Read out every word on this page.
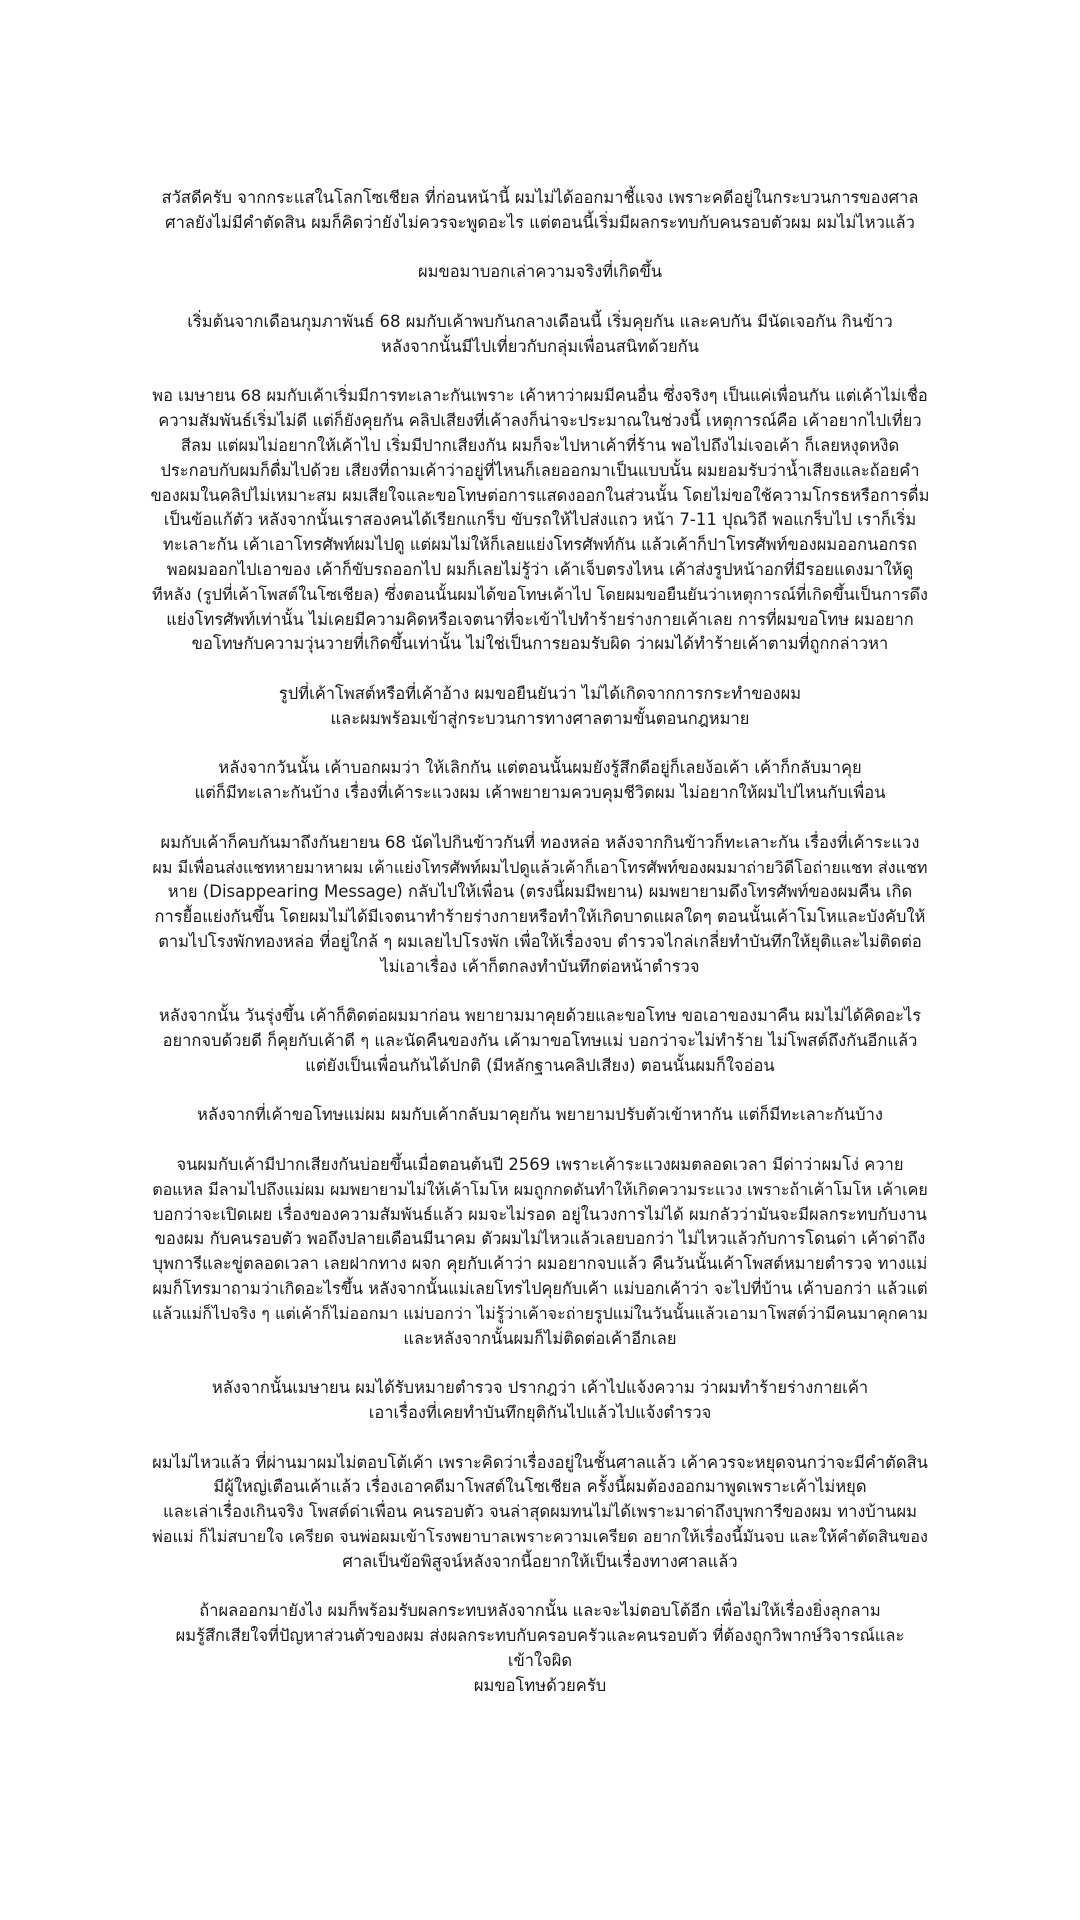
สวัสดีครับ จากกระแสในโลกโซเชียล ที่ก่อนหน้านี้ ผมไม่ได้ออกมาชี้แจง เพราะคดีอยู่ในกระบวนการของศาล
ศาลยังไม่มีคำตัดสิน ผมก็คิดว่ายังไม่ควรจะพูดอะไร แต่ตอนนี้เริ่มมีผลกระทบกับคนรอบตัวผม ผมไม่ไหวแล้ว
ผมขอมาบอกเล่าความจริงที่เกิดขึ้น
เริ่มต้นจากเดือนกุมภาพันธ์ 68 ผมกับเค้าพบกันกลางเดือนนี้ เริ่มคุยกัน และคบกัน มีนัดเจอกัน กินข้าว
หลังจากนั้นมีไปเที่ยวกับกลุ่มเพื่อนสนิทด้วยกัน
พอ เมษายน 68 ผมกับเค้าเริ่มมีการทะเลาะกันเพราะ เค้าหาว่าผมมีคนอื่น ซึ่งจริงๆ เป็นแค่เพื่อนกัน แต่เค้าไม่เชื่อ
ความสัมพันธ์เริ่มไม่ดี แต่ก็ยังคุยกัน คลิปเสียงที่เค้าลงก็น่าจะประมาณในช่วงนี้ เหตุการณ์คือ เค้าอยากไปเที่ยว
สีลม แต่ผมไม่อยากให้เค้าไป เริ่มมีปากเสียงกัน ผมก็จะไปหาเค้าที่ร้าน พอไปถึงไม่เจอเค้า ก็เลยหงุดหงิด
ประกอบกับผมก็ดื่มไปด้วย เสียงที่ถามเค้าว่าอยู่ที่ไหนก็เลยออกมาเป็นแบบนั้น ผมยอมรับว่าน้ำเสียงและถ้อยคำ
ของผมในคลิปไม่เหมาะสม ผมเสียใจและขอโทษต่อการแสดงออกในส่วนนั้น โดยไม่ขอใช้ความโกรธหรือการดื่ม
เป็นข้อแก้ตัว หลังจากนั้นเราสองคนได้เรียกแกร็บ ขับรถให้ไปส่งแถว หน้า 7-11 ปุณวิถี พอแกร็บไป เราก็เริ่ม
ทะเลาะกัน เค้าเอาโทรศัพท์ผมไปดู แต่ผมไม่ให้ก็เลยแย่งโทรศัพท์กัน แล้วเค้าก็ปาโทรศัพท์ของผมออกนอกรถ
พอผมออกไปเอาของ เค้าก็ขับรถออกไป ผมก็เลยไม่รู้ว่า เค้าเจ็บตรงไหน เค้าส่งรูปหน้าอกที่มีรอยแดงมาให้ดู
ทีหลัง (รูปที่เค้าโพสต์ในโซเชียล) ซึ่งตอนนั้นผมได้ขอโทษเค้าไป โดยผมขอยืนยันว่าเหตุการณ์ที่เกิดขึ้นเป็นการดึง
แย่งโทรศัพท์เท่านั้น ไม่เคยมีความคิดหรือเจตนาที่จะเข้าไปทำร้ายร่างกายเค้าเลย การที่ผมขอโทษ ผมอยาก
ขอโทษกับความวุ่นวายที่เกิดขึ้นเท่านั้น ไม่ใช่เป็นการยอมรับผิด ว่าผมได้ทำร้ายเค้าตามที่ถูกกล่าวหา
รูปที่เค้าโพสต์หรือที่เค้าอ้าง ผมขอยืนยันว่า ไม่ได้เกิดจากการกระทำของผม
และผมพร้อมเข้าสู่กระบวนการทางศาลตามขั้นตอนกฎหมาย
หลังจากวันนั้น เค้าบอกผมว่า ให้เลิกกัน แต่ตอนนั้นผมยังรู้สึกดีอยู่ก็เลยง้อเค้า เค้าก็กลับมาคุย
แต่ก็มีทะเลาะกันบ้าง เรื่องที่เค้าระแวงผม เค้าพยายามควบคุมชีวิตผม ไม่อยากให้ผมไปไหนกับเพื่อน
ผมกับเค้าก็คบกันมาถึงกันยายน 68 นัดไปกินข้าวกันที่ ทองหล่อ หลังจากกินข้าวก็ทะเลาะกัน เรื่องที่เค้าระแวง
ผม มีเพื่อนส่งแชทหายมาหาผม เค้าแย่งโทรศัพท์ผมไปดูแล้วเค้าก็เอาโทรศัพท์ของผมมาถ่ายวิดีโอถ่ายแชท ส่งแชท
หาย (Disappearing Message) กลับไปให้เพื่อน (ตรงนี้ผมมีพยาน) ผมพยายามดึงโทรศัพท์ของผมคืน เกิด
การยื้อแย่งกันขึ้น โดยผมไม่ได้มีเจตนาทำร้ายร่างกายหรือทำให้เกิดบาดแผลใดๆ ตอนนั้นเค้าโมโหและบังคับให้
ตามไปโรงพักทองหล่อ ที่อยู่ใกล้ ๆ ผมเลยไปโรงพัก เพื่อให้เรื่องจบ ตำรวจไกล่เกลี่ยทำบันทึกให้ยุติและไม่ติดต่อ
ไม่เอาเรื่อง เค้าก็ตกลงทำบันทึกต่อหน้าตำรวจ
หลังจากนั้น วันรุ่งขึ้น เค้าก็ติดต่อผมมาก่อน พยายามมาคุยด้วยและขอโทษ ขอเอาของมาคืน ผมไม่ได้คิดอะไร
อยากจบด้วยดี ก็คุยกับเค้าดี ๆ และนัดคืนของกัน เค้ามาขอโทษแม่ บอกว่าจะไม่ทำร้าย ไม่โพสต์ถึงกันอีกแล้ว
แต่ยังเป็นเพื่อนกันได้ปกติ (มีหลักฐานคลิปเสียง) ตอนนั้นผมก็ใจอ่อน
หลังจากที่เค้าขอโทษแม่ผม ผมกับเค้ากลับมาคุยกัน พยายามปรับตัวเข้าหากัน แต่ก็มีทะเลาะกันบ้าง
จนผมกับเค้ามีปากเสียงกันบ่อยขึ้นเมื่อตอนต้นปี 2569 เพราะเค้าระแวงผมตลอดเวลา มีด่าว่าผมโง่ ควาย
ตอแหล มีลามไปถึงแม่ผม ผมพยายามไม่ให้เค้าโมโห ผมถูกกดดันทำให้เกิดความระแวง เพราะถ้าเค้าโมโห เค้าเคย
บอกว่าจะเปิดเผย เรื่องของความสัมพันธ์แล้ว ผมจะไม่รอด อยู่ในวงการไม่ได้ ผมกลัวว่ามันจะมีผลกระทบกับงาน
ของผม กับคนรอบตัว พอถึงปลายเดือนมีนาคม ตัวผมไม่ไหวแล้วเลยบอกว่า ไม่ไหวแล้วกับการโดนด่า เค้าด่าถึง
บุพการีและขู่ตลอดเวลา เลยฝากทาง ผจก คุยกับเค้าว่า ผมอยากจบแล้ว คืนวันนั้นเค้าโพสต์หมายตำรวจ ทางแม่
ผมก็โทรมาถามว่าเกิดอะไรขึ้น หลังจากนั้นแม่เลยโทรไปคุยกับเค้า แม่บอกเค้าว่า จะไปที่บ้าน เค้าบอกว่า แล้วแต่
แล้วแม่ก็ไปจริง ๆ แต่เค้าก็ไม่ออกมา แม่บอกว่า ไม่รู้ว่าเค้าจะถ่ายรูปแม่ในวันนั้นแล้วเอามาโพสต์ว่ามีคนมาคุกคาม
และหลังจากนั้นผมก็ไม่ติดต่อเค้าอีกเลย
หลังจากนั้นเมษายน ผมได้รับหมายตำรวจ ปรากฎว่า เค้าไปแจ้งความ ว่าผมทำร้ายร่างกายเค้า
เอาเรื่องที่เคยทำบันทึกยุติกันไปแล้วไปแจ้งตำรวจ
ผมไม่ไหวแล้ว ที่ผ่านมาผมไม่ตอบโต้เค้า เพราะคิดว่าเรื่องอยู่ในชั้นศาลแล้ว เค้าควรจะหยุดจนกว่าจะมีคำตัดสิน
มีผู้ใหญ่เตือนเค้าแล้ว เรื่องเอาคดีมาโพสต์ในโซเชียล ครั้งนี้ผมต้องออกมาพูดเพราะเค้าไม่หยุด
และเล่าเรื่องเกินจริง โพสต์ด่าเพื่อน คนรอบตัว จนล่าสุดผมทนไม่ได้เพราะมาด่าถึงบุพการีของผม ทางบ้านผม
พ่อแม่ ก็ไม่สบายใจ เครียด จนพ่อผมเข้าโรงพยาบาลเพราะความเครียด อยากให้เรื่องนี้มันจบ และให้คำตัดสินของ
ศาลเป็นข้อพิสูจน์หลังจากนี้อยากให้เป็นเรื่องทางศาลแล้ว
ถ้าผลออกมายังไง ผมก็พร้อมรับผลกระทบหลังจากนั้น และจะไม่ตอบโต้อีก เพื่อไม่ให้เรื่องยิ่งลุกลาม
ผมรู้สึกเสียใจที่ปัญหาส่วนตัวของผม ส่งผลกระทบกับครอบครัวและคนรอบตัว ที่ต้องถูกวิพากษ์วิจารณ์และ
เข้าใจผิด
ผมขอโทษด้วยครับ
